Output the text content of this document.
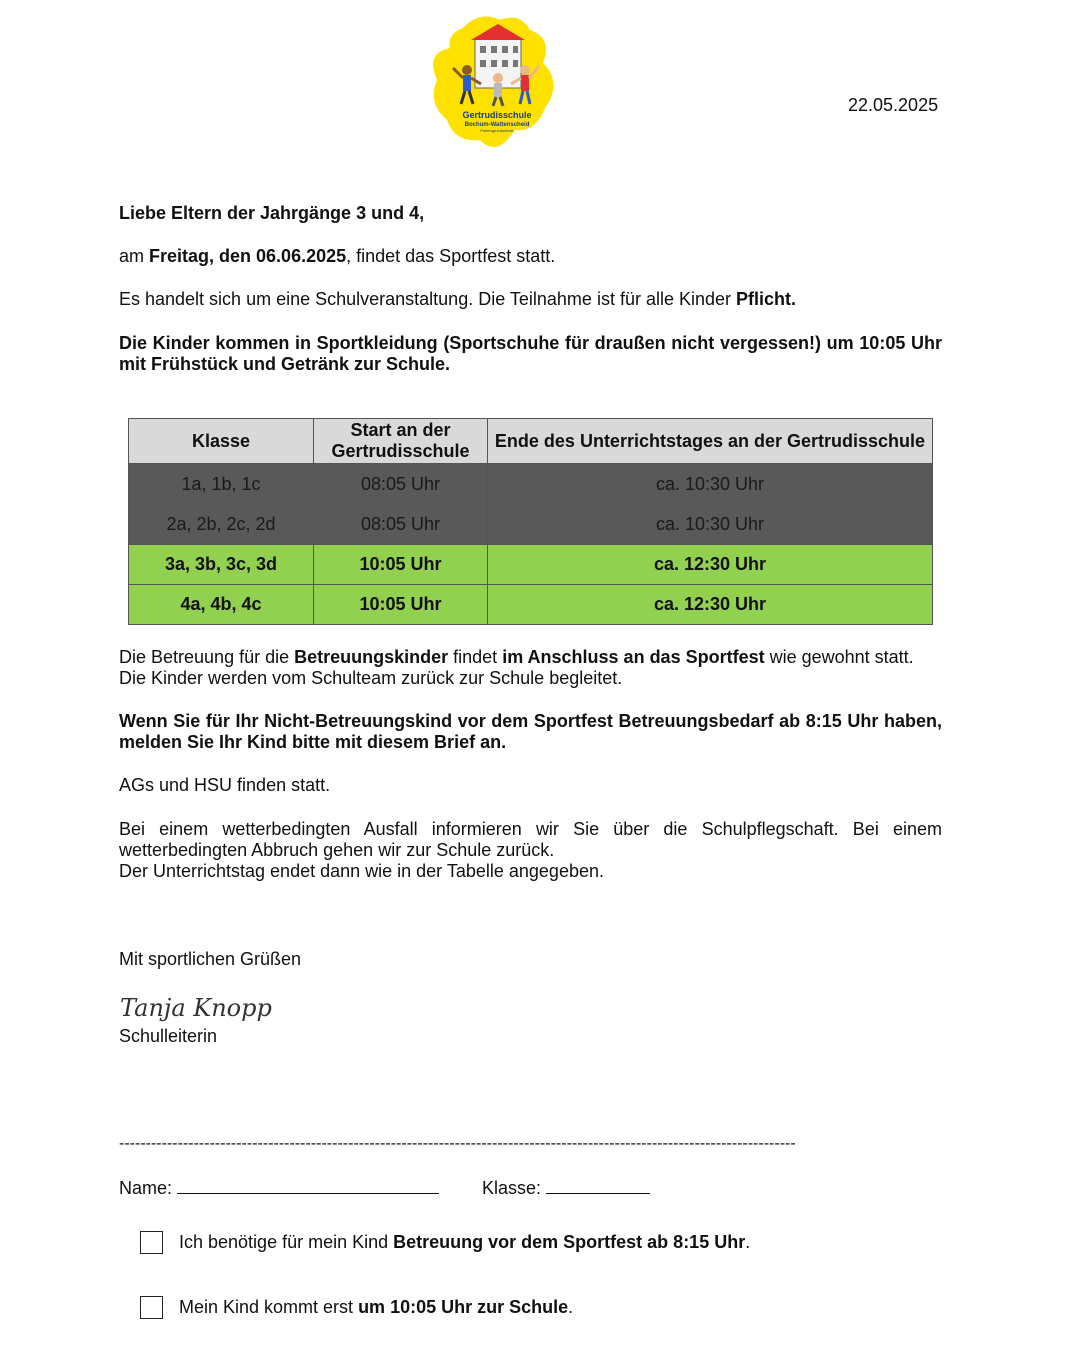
Gertrudisschule
Bochum-Wattenscheid
Feriengrundschule
22.05.2025
Liebe Eltern der Jahrgänge 3 und 4,
am Freitag, den 06.06.2025, findet das Sportfest statt.
Es handelt sich um eine Schulveranstaltung. Die Teilnahme ist für alle Kinder Pflicht.
Die Kinder kommen in Sportkleidung (Sportschuhe für draußen nicht vergessen!) um 10:05 Uhr mit Frühstück und Getränk zur Schule.
Klasse	Start an der Gertrudisschule	Ende des Unterrichtstages an der Gertrudisschule
1a, 1b, 1c	08:05 Uhr	ca. 10:30 Uhr
2a, 2b, 2c, 2d	08:05 Uhr	ca. 10:30 Uhr
3a, 3b, 3c, 3d	10:05 Uhr	ca. 12:30 Uhr
4a, 4b, 4c	10:05 Uhr	ca. 12:30 Uhr
Die Betreuung für die Betreuungskinder findet im Anschluss an das Sportfest wie gewohnt statt.
Die Kinder werden vom Schulteam zurück zur Schule begleitet.
Wenn Sie für Ihr Nicht-Betreuungskind vor dem Sportfest Betreuungsbedarf ab 8:15 Uhr haben, melden Sie Ihr Kind bitte mit diesem Brief an.
AGs und HSU finden statt.
Bei einem wetterbedingten Ausfall informieren wir Sie über die Schulpflegschaft. Bei einem wetterbedingten Abbruch gehen wir zur Schule zurück.
Der Unterrichtstag endet dann wie in der Tabelle angegeben.
Mit sportlichen Grüßen
Tanja Knopp
Schulleiterin
-------------------------------------------------------------------------------------------------------------------------------
Name:	Klasse:
Ich benötige für mein Kind Betreuung vor dem Sportfest ab 8:15 Uhr.
Mein Kind kommt erst um 10:05 Uhr zur Schule.
